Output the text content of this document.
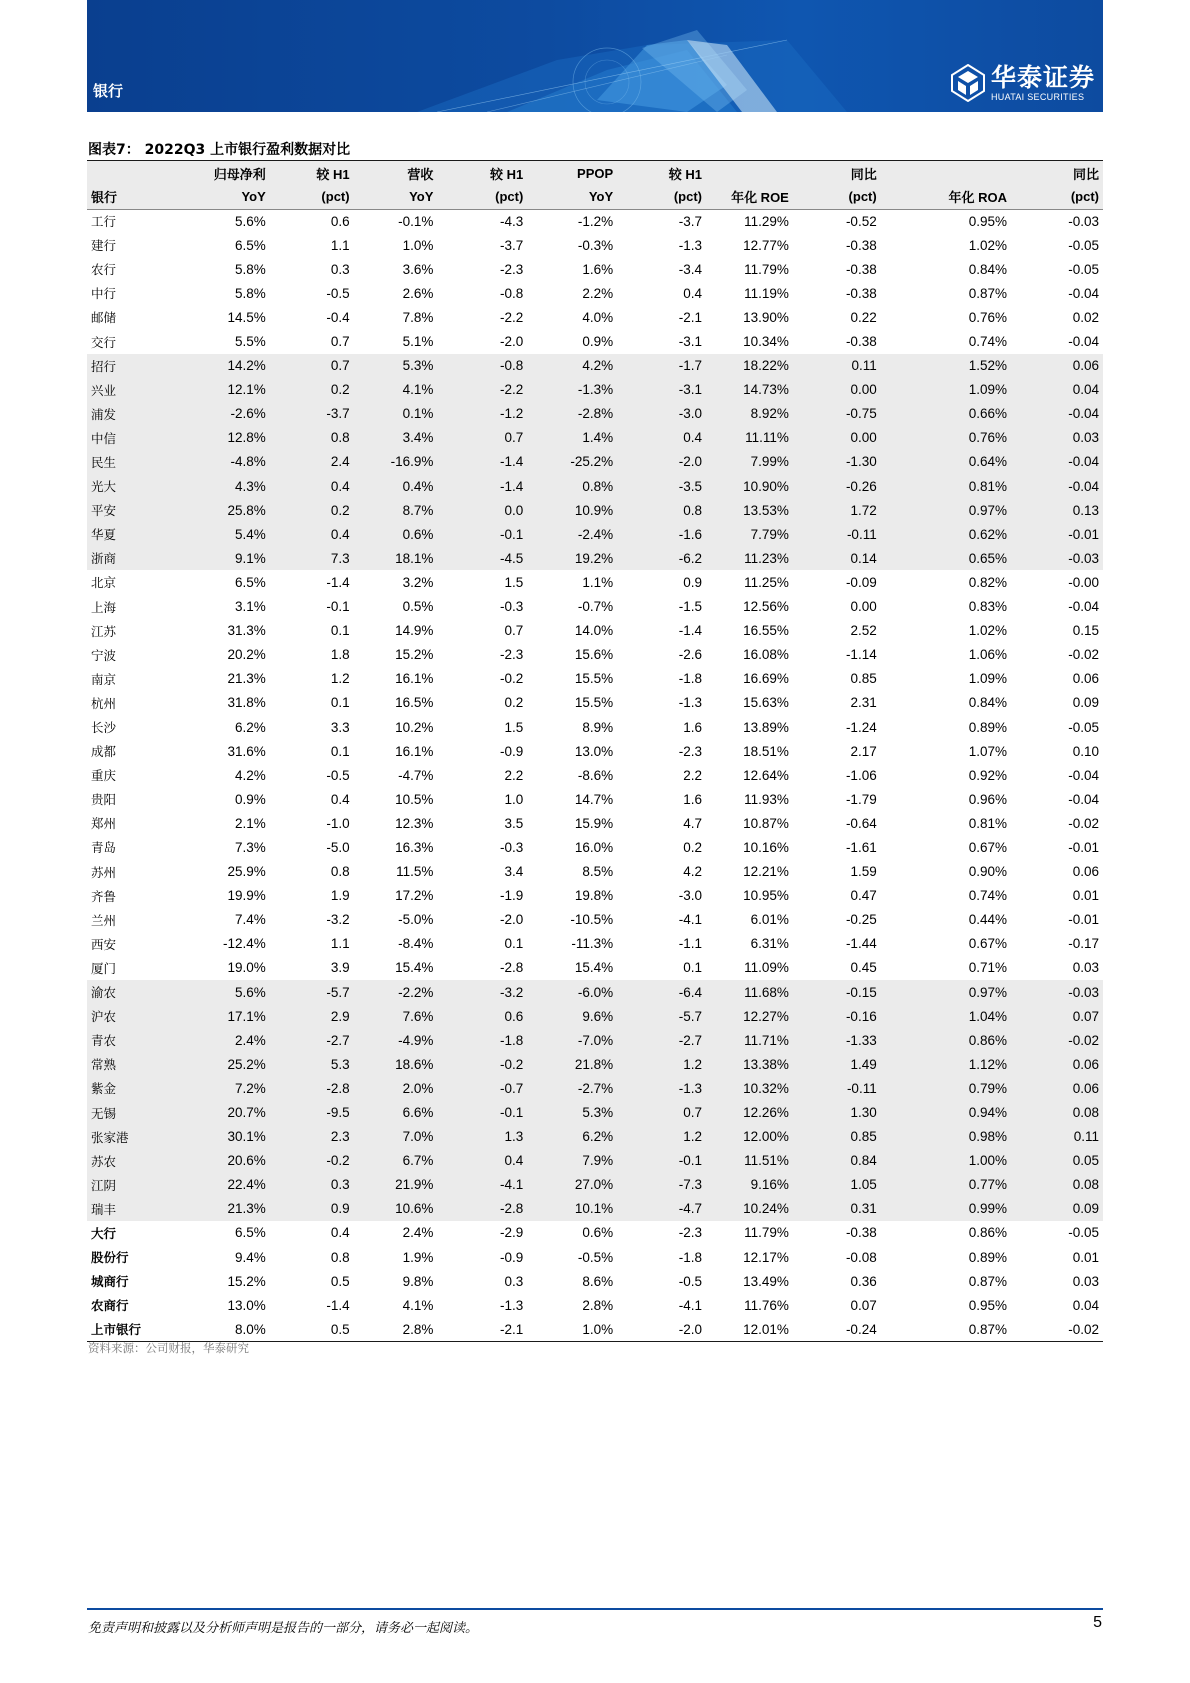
银行	华泰证券
HUATAI SECURITIES
图表7： 2022Q3 上市银行盈利数据对比
	归母净利	较 H1	营收	较 H1	PPOP	较 H1		同比		同比
银行	YoY	(pct)	YoY	(pct)	YoY	(pct)	年化 ROE	(pct)	年化 ROA	(pct)
工行	5.6%	0.6	-0.1%	-4.3	-1.2%	-3.7	11.29%	-0.52	0.95%	-0.03
建行	6.5%	1.1	1.0%	-3.7	-0.3%	-1.3	12.77%	-0.38	1.02%	-0.05
农行	5.8%	0.3	3.6%	-2.3	1.6%	-3.4	11.79%	-0.38	0.84%	-0.05
中行	5.8%	-0.5	2.6%	-0.8	2.2%	0.4	11.19%	-0.38	0.87%	-0.04
邮储	14.5%	-0.4	7.8%	-2.2	4.0%	-2.1	13.90%	0.22	0.76%	0.02
交行	5.5%	0.7	5.1%	-2.0	0.9%	-3.1	10.34%	-0.38	0.74%	-0.04
招行	14.2%	0.7	5.3%	-0.8	4.2%	-1.7	18.22%	0.11	1.52%	0.06
兴业	12.1%	0.2	4.1%	-2.2	-1.3%	-3.1	14.73%	0.00	1.09%	0.04
浦发	-2.6%	-3.7	0.1%	-1.2	-2.8%	-3.0	8.92%	-0.75	0.66%	-0.04
中信	12.8%	0.8	3.4%	0.7	1.4%	0.4	11.11%	0.00	0.76%	0.03
民生	-4.8%	2.4	-16.9%	-1.4	-25.2%	-2.0	7.99%	-1.30	0.64%	-0.04
光大	4.3%	0.4	0.4%	-1.4	0.8%	-3.5	10.90%	-0.26	0.81%	-0.04
平安	25.8%	0.2	8.7%	0.0	10.9%	0.8	13.53%	1.72	0.97%	0.13
华夏	5.4%	0.4	0.6%	-0.1	-2.4%	-1.6	7.79%	-0.11	0.62%	-0.01
浙商	9.1%	7.3	18.1%	-4.5	19.2%	-6.2	11.23%	0.14	0.65%	-0.03
北京	6.5%	-1.4	3.2%	1.5	1.1%	0.9	11.25%	-0.09	0.82%	-0.00
上海	3.1%	-0.1	0.5%	-0.3	-0.7%	-1.5	12.56%	0.00	0.83%	-0.04
江苏	31.3%	0.1	14.9%	0.7	14.0%	-1.4	16.55%	2.52	1.02%	0.15
宁波	20.2%	1.8	15.2%	-2.3	15.6%	-2.6	16.08%	-1.14	1.06%	-0.02
南京	21.3%	1.2	16.1%	-0.2	15.5%	-1.8	16.69%	0.85	1.09%	0.06
杭州	31.8%	0.1	16.5%	0.2	15.5%	-1.3	15.63%	2.31	0.84%	0.09
长沙	6.2%	3.3	10.2%	1.5	8.9%	1.6	13.89%	-1.24	0.89%	-0.05
成都	31.6%	0.1	16.1%	-0.9	13.0%	-2.3	18.51%	2.17	1.07%	0.10
重庆	4.2%	-0.5	-4.7%	2.2	-8.6%	2.2	12.64%	-1.06	0.92%	-0.04
贵阳	0.9%	0.4	10.5%	1.0	14.7%	1.6	11.93%	-1.79	0.96%	-0.04
郑州	2.1%	-1.0	12.3%	3.5	15.9%	4.7	10.87%	-0.64	0.81%	-0.02
青岛	7.3%	-5.0	16.3%	-0.3	16.0%	0.2	10.16%	-1.61	0.67%	-0.01
苏州	25.9%	0.8	11.5%	3.4	8.5%	4.2	12.21%	1.59	0.90%	0.06
齐鲁	19.9%	1.9	17.2%	-1.9	19.8%	-3.0	10.95%	0.47	0.74%	0.01
兰州	7.4%	-3.2	-5.0%	-2.0	-10.5%	-4.1	6.01%	-0.25	0.44%	-0.01
西安	-12.4%	1.1	-8.4%	0.1	-11.3%	-1.1	6.31%	-1.44	0.67%	-0.17
厦门	19.0%	3.9	15.4%	-2.8	15.4%	0.1	11.09%	0.45	0.71%	0.03
渝农	5.6%	-5.7	-2.2%	-3.2	-6.0%	-6.4	11.68%	-0.15	0.97%	-0.03
沪农	17.1%	2.9	7.6%	0.6	9.6%	-5.7	12.27%	-0.16	1.04%	0.07
青农	2.4%	-2.7	-4.9%	-1.8	-7.0%	-2.7	11.71%	-1.33	0.86%	-0.02
常熟	25.2%	5.3	18.6%	-0.2	21.8%	1.2	13.38%	1.49	1.12%	0.06
紫金	7.2%	-2.8	2.0%	-0.7	-2.7%	-1.3	10.32%	-0.11	0.79%	0.06
无锡	20.7%	-9.5	6.6%	-0.1	5.3%	0.7	12.26%	1.30	0.94%	0.08
张家港	30.1%	2.3	7.0%	1.3	6.2%	1.2	12.00%	0.85	0.98%	0.11
苏农	20.6%	-0.2	6.7%	0.4	7.9%	-0.1	11.51%	0.84	1.00%	0.05
江阴	22.4%	0.3	21.9%	-4.1	27.0%	-7.3	9.16%	1.05	0.77%	0.08
瑞丰	21.3%	0.9	10.6%	-2.8	10.1%	-4.7	10.24%	0.31	0.99%	0.09
大行	6.5%	0.4	2.4%	-2.9	0.6%	-2.3	11.79%	-0.38	0.86%	-0.05
股份行	9.4%	0.8	1.9%	-0.9	-0.5%	-1.8	12.17%	-0.08	0.89%	0.01
城商行	15.2%	0.5	9.8%	0.3	8.6%	-0.5	13.49%	0.36	0.87%	0.03
农商行	13.0%	-1.4	4.1%	-1.3	2.8%	-4.1	11.76%	0.07	0.95%	0.04
上市银行	8.0%	0.5	2.8%	-2.1	1.0%	-2.0	12.01%	-0.24	0.87%	-0.02
资料来源：公司财报，华泰研究
免责声明和披露以及分析师声明是报告的一部分，请务必一起阅读。	5
